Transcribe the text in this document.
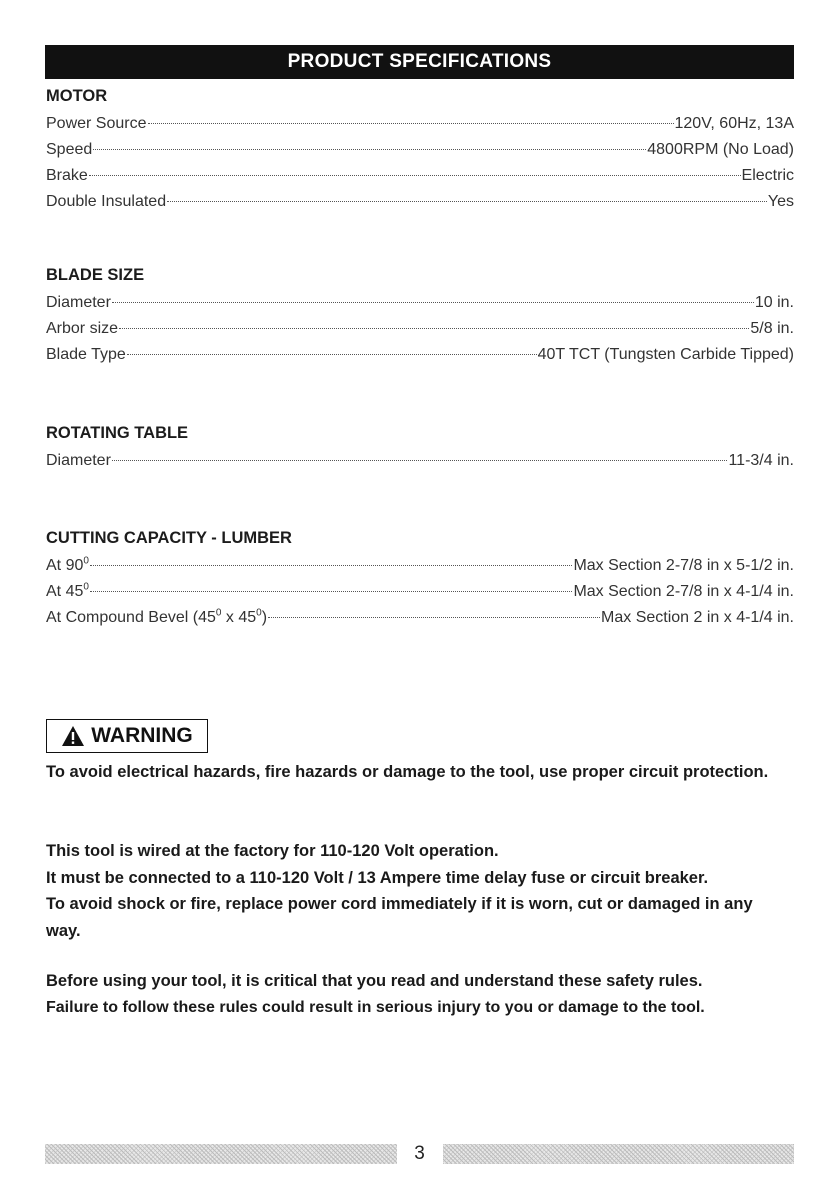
PRODUCT SPECIFICATIONS
MOTOR
Power Source	120V, 60Hz, 13A
Speed	4800RPM (No Load)
Brake	Electric
Double Insulated	Yes
BLADE SIZE
Diameter	10 in.
Arbor size	5/8 in.
Blade Type	40T TCT (Tungsten Carbide Tipped)
ROTATING TABLE
Diameter	11-3/4 in.
CUTTING CAPACITY - LUMBER
At $90^0$	Max Section 2-7/8 in x 5-1/2 in.
At $45^0$	Max Section 2-7/8 in x 4-1/4 in.
At Compound Bevel ($45^0$ x $45^0$)	Max Section 2 in x 4-1/4 in.
WARNING
To avoid electrical hazards, fire hazards or damage to the tool, use proper circuit protection.
This tool is wired at the factory for 110-120 Volt operation.
It must be connected to a 110-120 Volt / 13 Ampere time delay fuse or circuit breaker.
To avoid shock or fire, replace power cord immediately if it is worn, cut or damaged in any way.
Before using your tool, it is critical that you read and understand these safety rules.
Failure to follow these rules could result in serious injury to you or damage to the tool.
3
